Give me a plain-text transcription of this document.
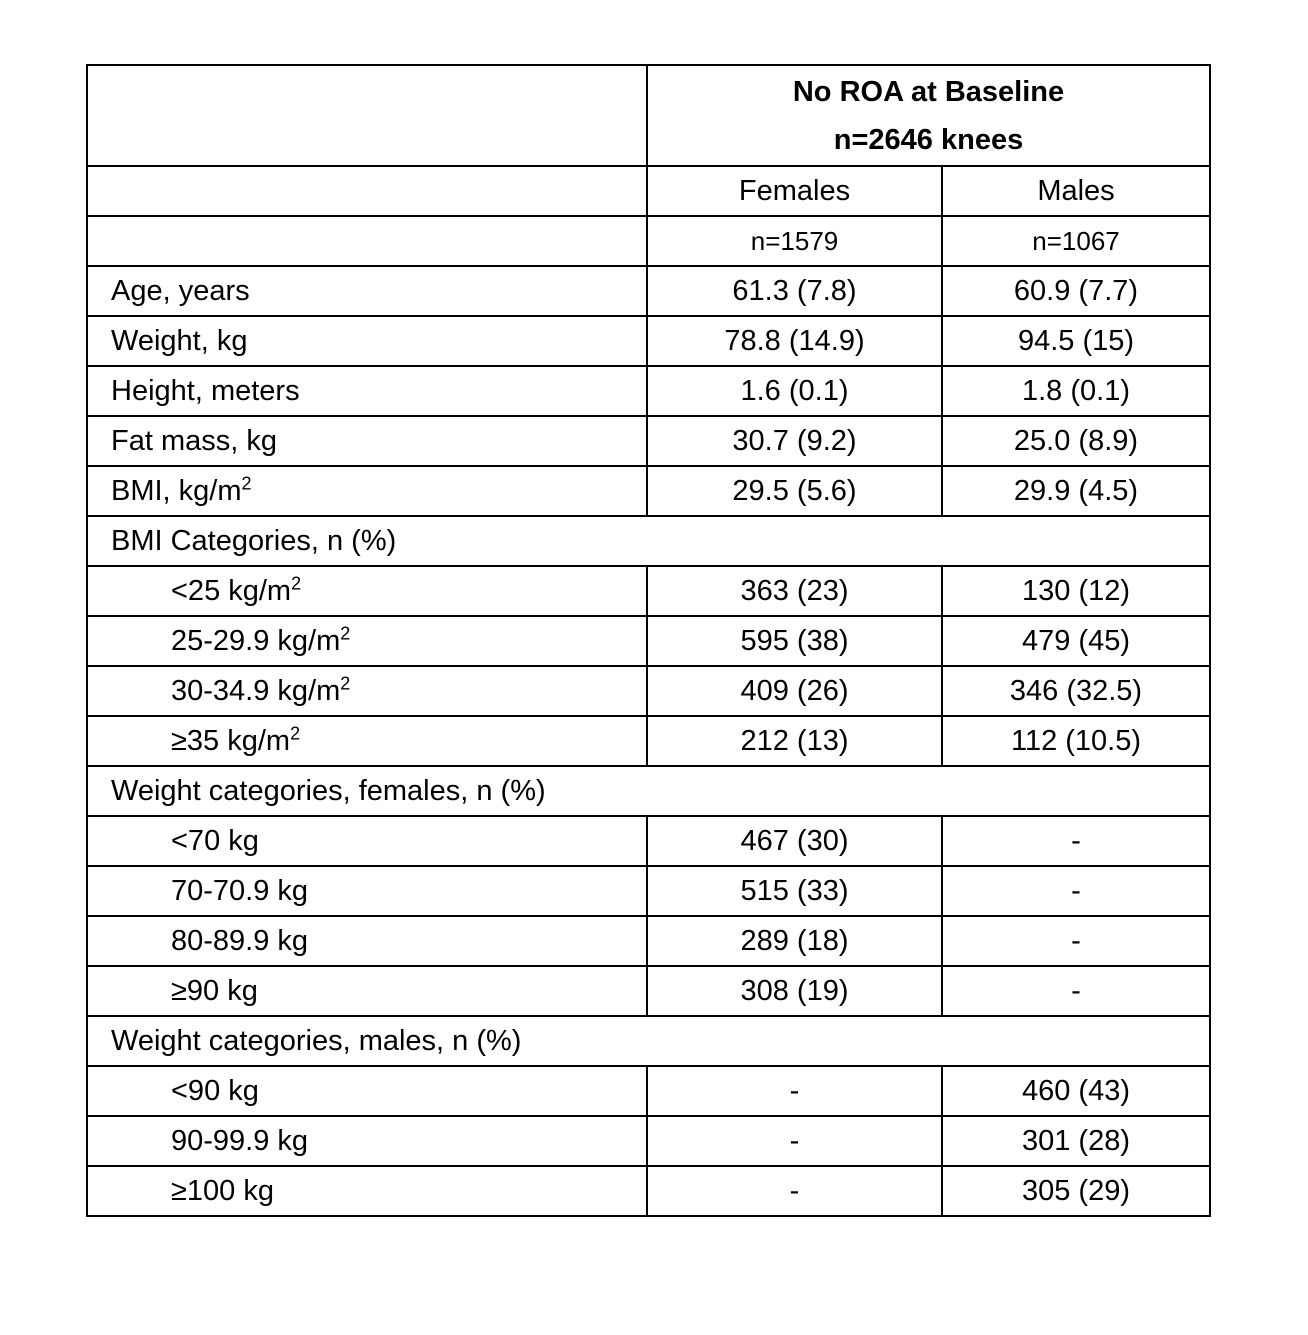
	No ROA at Baseline
n=2646 knees	
	Females	Males
	n=1579	n=1067
Age, years	61.3 (7.8)	60.9 (7.7)
Weight, kg	78.8 (14.9)	94.5 (15)
Height, meters	1.6 (0.1)	1.8 (0.1)
Fat mass, kg	30.7 (9.2)	25.0 (8.9)
BMI, $kg/m^2$	29.5 (5.6)	29.9 (4.5)
BMI Categories, n (%)		
<25 $kg/m^2$	363 (23)	130 (12)
25-29.9 $kg/m^2$	595 (38)	479 (45)
30-34.9 $kg/m^2$	409 (26)	346 (32.5)
≥35 $kg/m^2$	212 (13)	112 (10.5)
Weight categories, females, n (%)		
<70 kg	467 (30)	-
70-70.9 kg	515 (33)	-
80-89.9 kg	289 (18)	-
≥90 kg	308 (19)	-
Weight categories, males, n (%)		
<90 kg	-	460 (43)
90-99.9 kg	-	301 (28)
≥100 kg	-	305 (29)
